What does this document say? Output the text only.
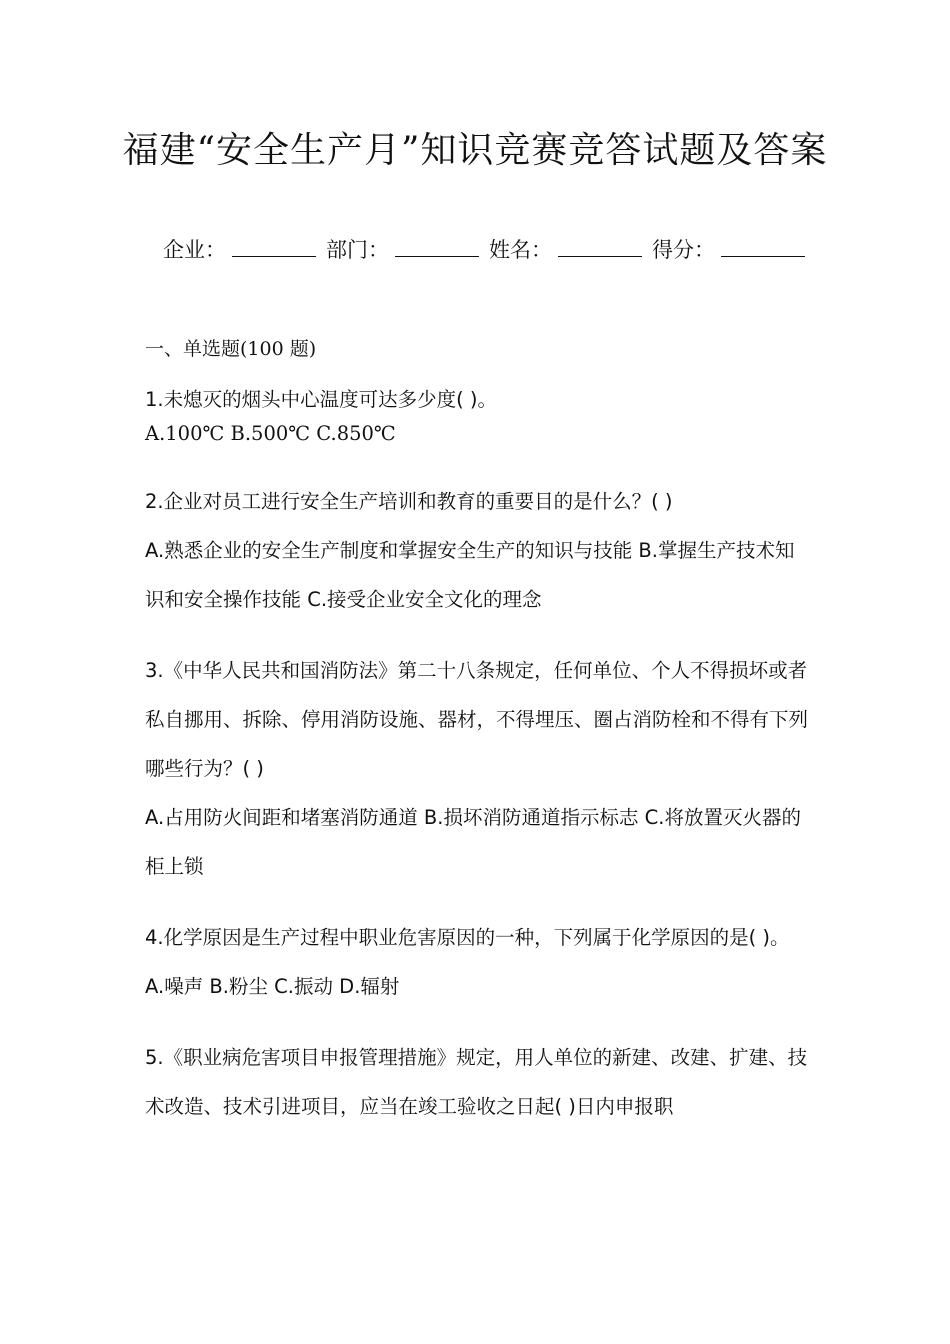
福建“安全生产月”知识竞赛竞答试题及答案
企业：	部门：	姓名：	得分：
一、单选题(100 题)

1.未熄灭的烟头中心温度可达多少度( )。

A.100℃ B.500℃ C.850℃

2.企业对员工进行安全生产培训和教育的重要目的是什么？( )

A.熟悉企业的安全生产制度和掌握安全生产的知识与技能 B.掌握生产技术知识和安全操作技能 C.接受企业安全文化的理念

3.《中华人民共和国消防法》第二十八条规定，任何单位、个人不得损坏或者私自挪用、拆除、停用消防设施、器材，不得埋压、圈占消防栓和不得有下列哪些行为？( )

A.占用防火间距和堵塞消防通道 B.损坏消防通道指示标志 C.将放置灭火器的柜上锁

4.化学原因是生产过程中职业危害原因的一种，下列属于化学原因的是( )。

A.噪声 B.粉尘 C.振动 D.辐射

5.《职业病危害项目申报管理措施》规定，用人单位的新建、改建、扩建、技术改造、技术引进项目，应当在竣工验收之日起( )日内申报职
